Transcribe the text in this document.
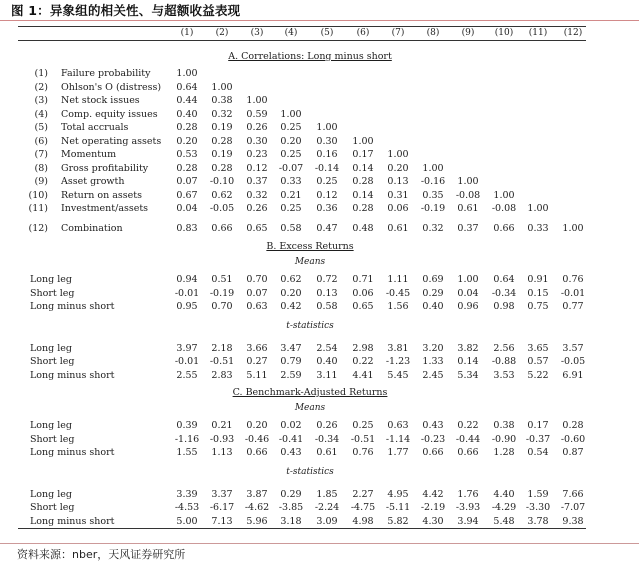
图 1：异象组的相关性、与超额收益表现
(1)	(2)	(3)	(4)	(5)	(6)	(7)	(8)	(9)	(10)	(11)	(12)
A. Correlations: Long minus short
(1) Failure probability	1.00
(2) Ohlson's O (distress)	0.64	1.00
(3) Net stock issues	0.44	0.38	1.00
(4) Comp. equity issues	0.40	0.32	0.59	1.00
(5) Total accruals	0.28	0.19	0.26	0.25	1.00
(6) Net operating assets	0.20	0.28	0.30	0.20	0.30	1.00
(7) Momentum	0.53	0.19	0.23	0.25	0.16	0.17	1.00
(8) Gross profitability	0.28	0.28	0.12	-0.07	-0.14	0.14	0.20	1.00
(9) Asset growth	0.07	-0.10	0.37	0.33	0.25	0.28	0.13	-0.16	1.00
(10) Return on assets	0.67	0.62	0.32	0.21	0.12	0.14	0.31	0.35	-0.08	1.00
(11) Investment/assets	0.04	-0.05	0.26	0.25	0.36	0.28	0.06	-0.19	0.61	-0.08	1.00
(12) Combination	0.83	0.66	0.65	0.58	0.47	0.48	0.61	0.32	0.37	0.66	0.33	1.00
B. Excess Returns
Means
Long leg	0.94	0.51	0.70	0.62	0.72	0.71	1.11	0.69	1.00	0.64	0.91	0.76
Short leg	-0.01	-0.19	0.07	0.20	0.13	0.06	-0.45	0.29	0.04	-0.34	0.15	-0.01
Long minus short	0.95	0.70	0.63	0.42	0.58	0.65	1.56	0.40	0.96	0.98	0.75	0.77
t-statistics
Long leg	3.97	2.18	3.66	3.47	2.54	2.98	3.81	3.20	3.82	2.56	3.65	3.57
Short leg	-0.01	-0.51	0.27	0.79	0.40	0.22	-1.23	1.33	0.14	-0.88	0.57	-0.05
Long minus short	2.55	2.83	5.11	2.59	3.11	4.41	5.45	2.45	5.34	3.53	5.22	6.91
C. Benchmark-Adjusted Returns
Means
Long leg	0.39	0.21	0.20	0.02	0.26	0.25	0.63	0.43	0.22	0.38	0.17	0.28
Short leg	-1.16	-0.93	-0.46	-0.41	-0.34	-0.51	-1.14	-0.23	-0.44	-0.90	-0.37	-0.60
Long minus short	1.55	1.13	0.66	0.43	0.61	0.76	1.77	0.66	0.66	1.28	0.54	0.87
t-statistics
Long leg	3.39	3.37	3.87	0.29	1.85	2.27	4.95	4.42	1.76	4.40	1.59	7.66
Short leg	-4.53	-6.17	-4.62	-3.85	-2.24	-4.75	-5.11	-2.19	-3.93	-4.29	-3.30	-7.07
Long minus short	5.00	7.13	5.96	3.18	3.09	4.98	5.82	4.30	3.94	5.48	3.78	9.38
资料来源：nber，天风证券研究所
